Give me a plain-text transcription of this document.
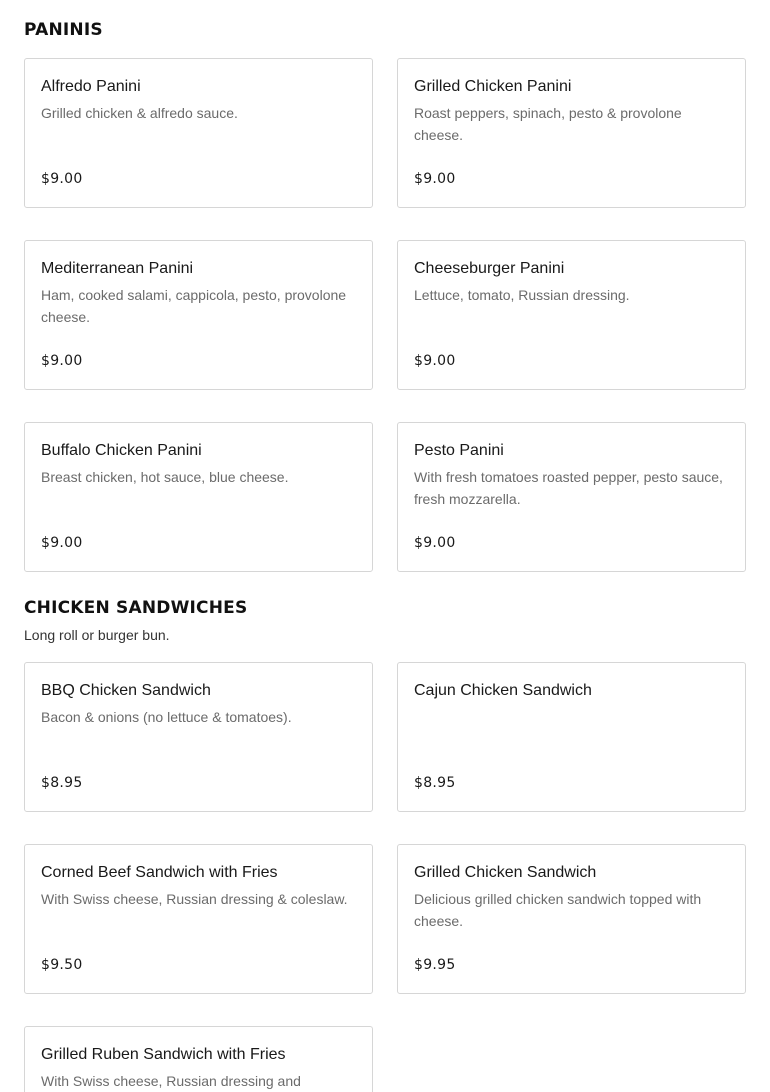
PANINIS
Alfredo Panini
Grilled chicken & alfredo sauce.
$9.00
Grilled Chicken Panini
Roast peppers, spinach, pesto & provolone cheese.
$9.00
Mediterranean Panini
Ham, cooked salami, cappicola, pesto, provolone cheese.
$9.00
Cheeseburger Panini
Lettuce, tomato, Russian dressing.
$9.00
Buffalo Chicken Panini
Breast chicken, hot sauce, blue cheese.
$9.00
Pesto Panini
With fresh tomatoes roasted pepper, pesto sauce, fresh mozzarella.
$9.00
CHICKEN SANDWICHES

Long roll or burger bun.

BBQ Chicken Sandwich
Bacon & onions (no lettuce & tomatoes).
$8.95
Cajun Chicken Sandwich
$8.95
Corned Beef Sandwich with Fries
With Swiss cheese, Russian dressing & coleslaw.
$9.50
Grilled Chicken Sandwich
Delicious grilled chicken sandwich topped with cheese.
$9.95
Grilled Ruben Sandwich with Fries
With Swiss cheese, Russian dressing and
